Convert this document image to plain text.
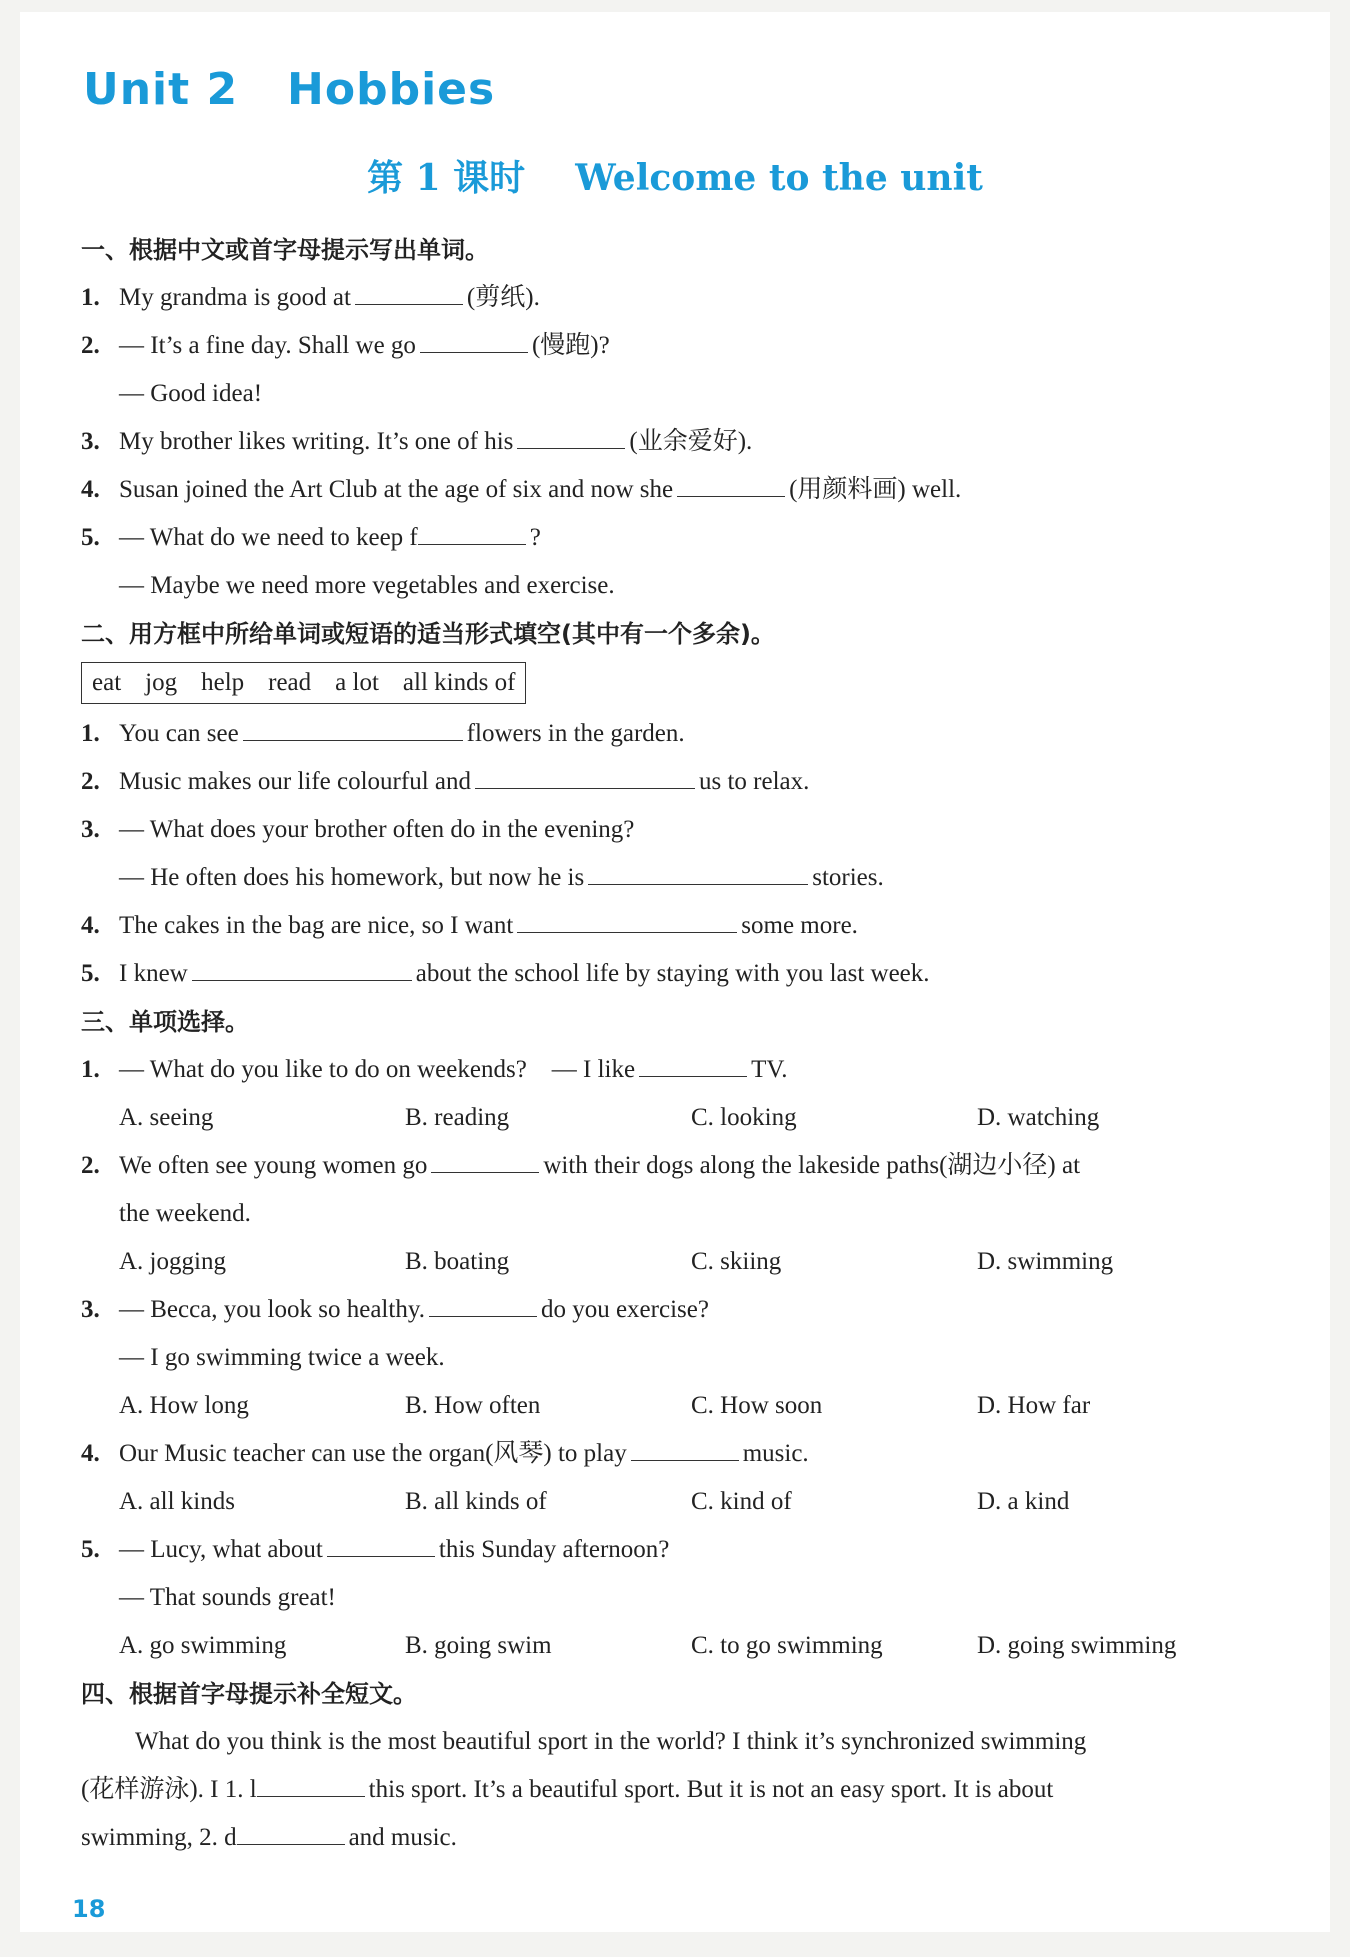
Unit 2   Hobbies
第 1 课时    Welcome to the unit
一、根据中文或首字母提示写出单词。
1. My grandma is good at	(剪纸).
2. — It’s a fine day. Shall we go	(慢跑)?
— Good idea!
3. My brother likes writing. It’s one of his	(业余爱好).
4. Susan joined the Art Club at the age of six and now she	(用颜料画) well.
5. — What do we need to keep f	?
— Maybe we need more vegetables and exercise.
二、用方框中所给单词或短语的适当形式填空(其中有一个多余)。
eat jog help read a lot all kinds of
1. You can see	flowers in the garden.
2. Music makes our life colourful and	us to relax.
3. — What does your brother often do in the evening?
— He often does his homework, but now he is	stories.
4. The cakes in the bag are nice, so I want	some more.
5. I knew	about the school life by staying with you last week.
三、单项选择。
1. — What do you like to do on weekends?    — I like	TV.
A. seeing	B. reading	C. looking	D. watching
2. We often see young women go	with their dogs along the lakeside paths(湖边小径) at
the weekend.
A. jogging	B. boating	C. skiing	D. swimming
3. — Becca, you look so healthy.	do you exercise?
— I go swimming twice a week.
A. How long	B. How often	C. How soon	D. How far
4. Our Music teacher can use the organ(风琴) to play	music.
A. all kinds	B. all kinds of	C. kind of	D. a kind
5. — Lucy, what about	this Sunday afternoon?
— That sounds great!
A. go swimming	B. going swim	C. to go swimming	D. going swimming
四、根据首字母提示补全短文。
What do you think is the most beautiful sport in the world? I think it’s synchronized swimming
(花样游泳). I 1. l	this sport. It’s a beautiful sport. But it is not an easy sport. It is about
swimming, 2. d	and music.
18
